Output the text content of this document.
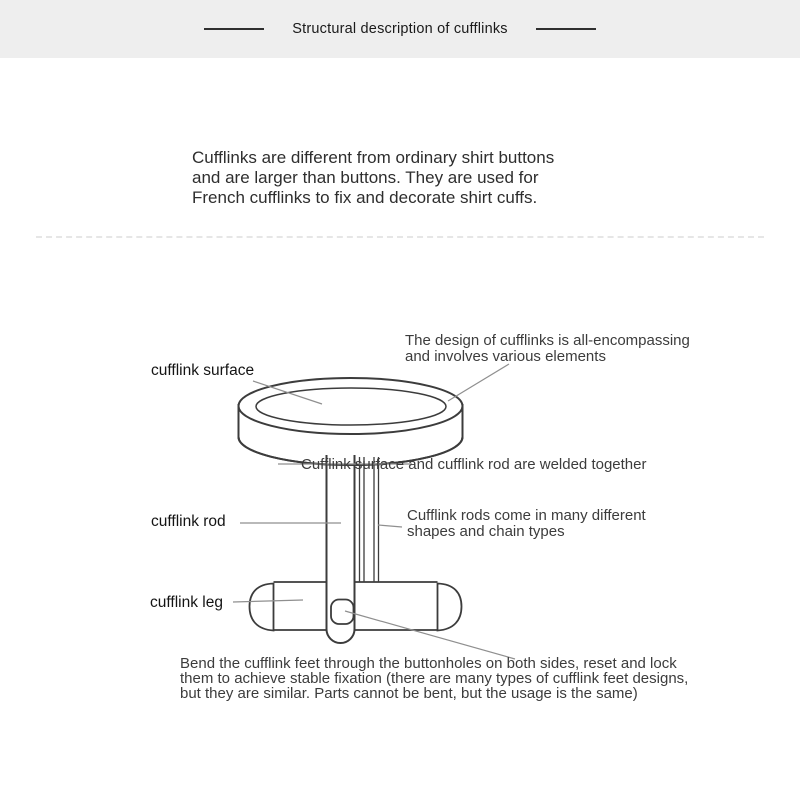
Structural description of cufflinks
Cufflinks are different from ordinary shirt buttons
and are larger than buttons. They are used for
French cufflinks to fix and decorate shirt cuffs.
cufflink surface
The design of cufflinks is all-encompassing
and involves various elements
Cufflink surface and cufflink rod are welded together
cufflink rod	Cufflink rods come in many different
shapes and chain types
cufflink leg
Bend the cufflink feet through the buttonholes on both sides, reset and lock
them to achieve stable fixation (there are many types of cufflink feet designs,
but they are similar. Parts cannot be bent, but the usage is the same)
